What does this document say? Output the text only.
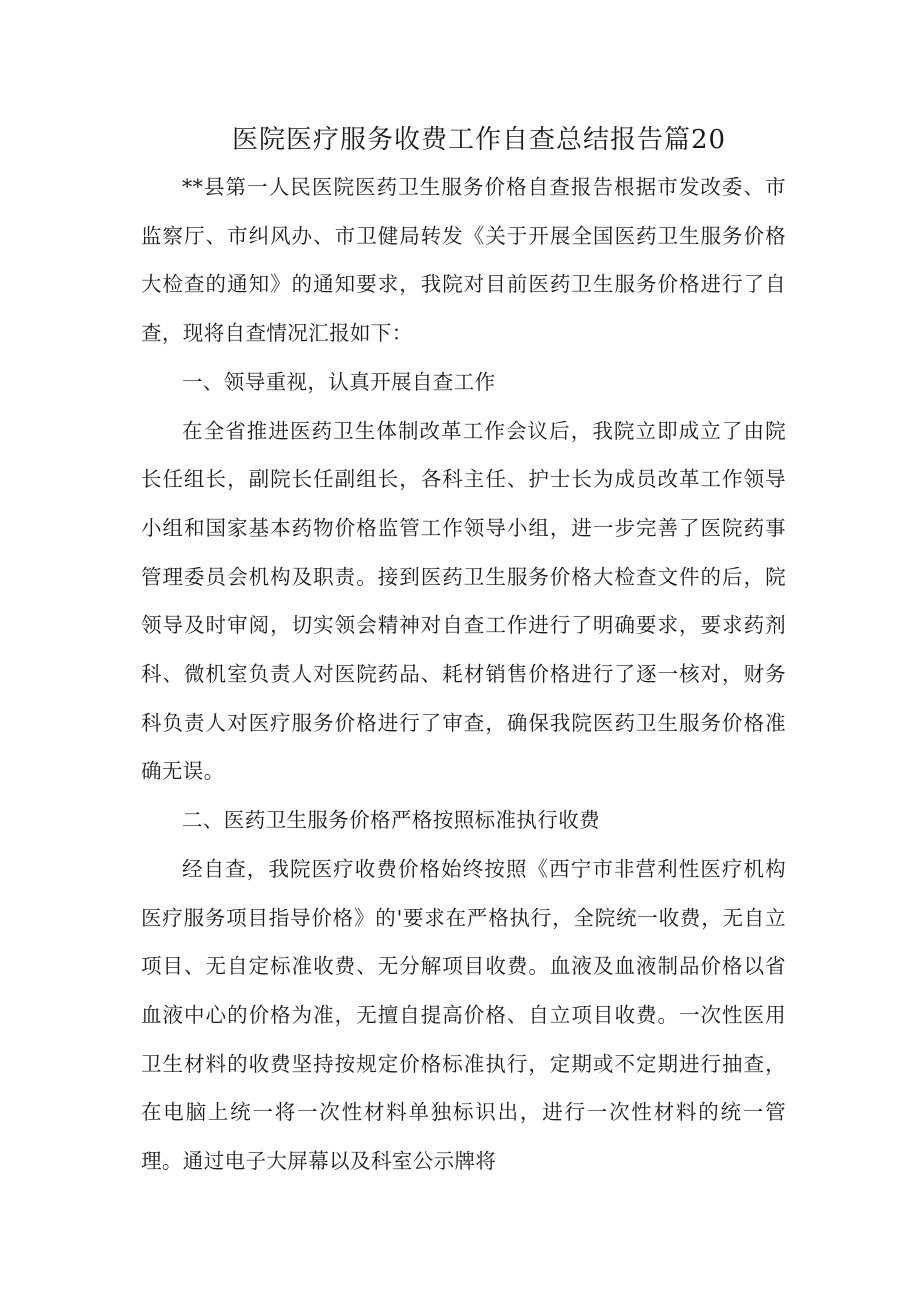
医院医疗服务收费工作自查总结报告篇20

**县第一人民医院医药卫生服务价格自查报告根据市发改委、市监察厅、市纠风办、市卫健局转发《关于开展全国医药卫生服务价格大检查的通知》的通知要求，我院对目前医药卫生服务价格进行了自查，现将自查情况汇报如下：

一、领导重视，认真开展自查工作

在全省推进医药卫生体制改革工作会议后，我院立即成立了由院长任组长，副院长任副组长，各科主任、护士长为成员改革工作领导小组和国家基本药物价格监管工作领导小组，进一步完善了医院药事管理委员会机构及职责。接到医药卫生服务价格大检查文件的后，院领导及时审阅，切实领会精神对自查工作进行了明确要求，要求药剂科、微机室负责人对医院药品、耗材销售价格进行了逐一核对，财务科负责人对医疗服务价格进行了审查，确保我院医药卫生服务价格准确无误。

二、医药卫生服务价格严格按照标准执行收费

经自查，我院医疗收费价格始终按照《西宁市非营利性医疗机构医疗服务项目指导价格》的'要求在严格执行，全院统一收费，无自立项目、无自定标准收费、无分解项目收费。血液及血液制品价格以省血液中心的价格为准，无擅自提高价格、自立项目收费。一次性医用卫生材料的收费坚持按规定价格标准执行，定期或不定期进行抽查，在电脑上统一将一次性材料单独标识出，进行一次性材料的统一管理。通过电子大屏幕以及科室公示牌将
